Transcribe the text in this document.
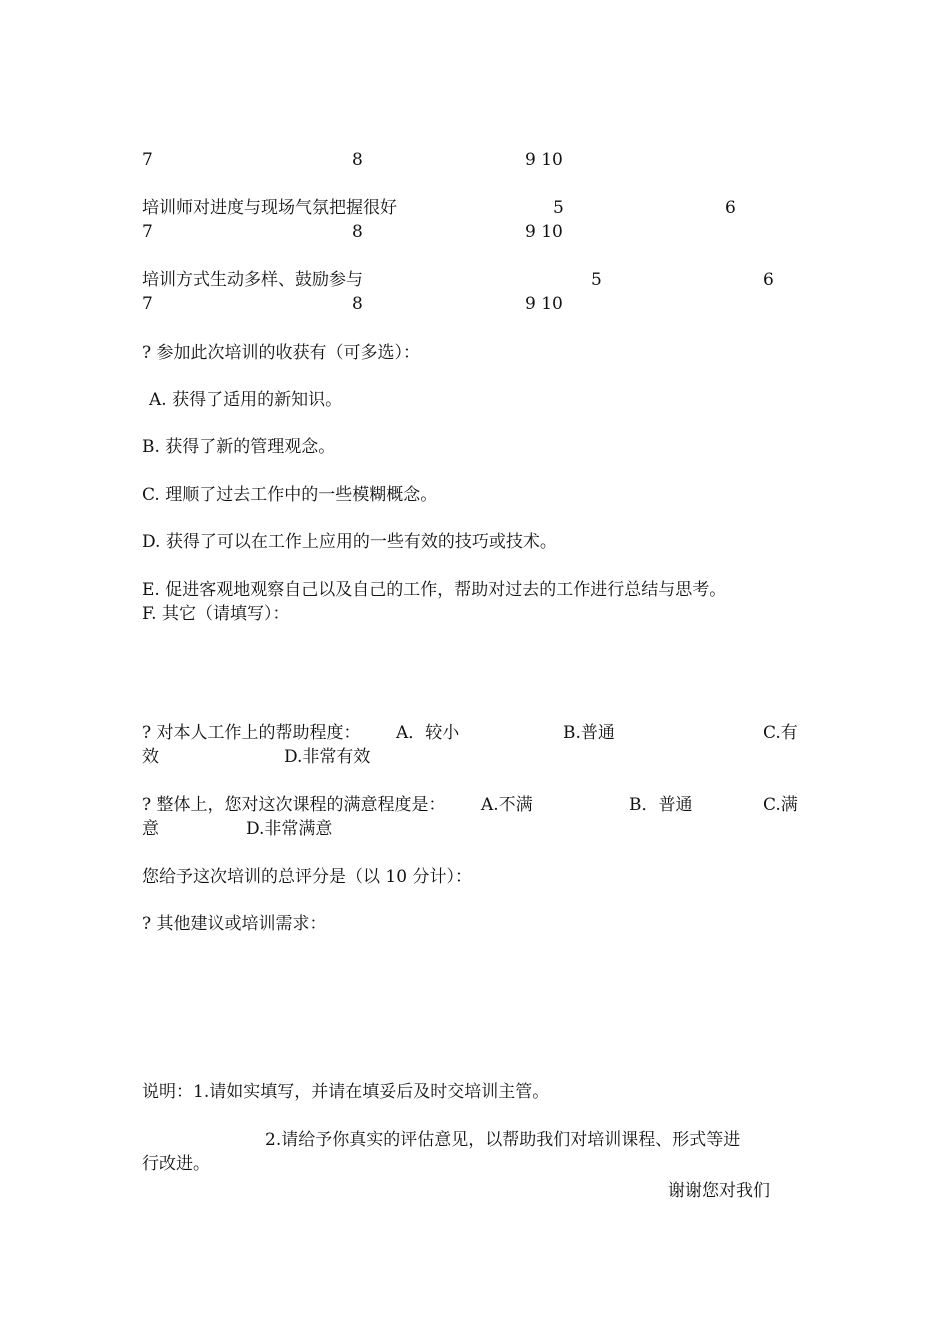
7	8	9 10
培训师对进度与现场气氛把握很好	5	6
7	8	9 10
培训方式生动多样、鼓励参与	5	6
7	8	9 10
? 参加此次培训的收获有（可多选）：
A. 获得了适用的新知识。
B. 获得了新的管理观念。
C. 理顺了过去工作中的一些模糊概念。
D. 获得了可以在工作上应用的一些有效的技巧或技术。
E. 促进客观地观察自己以及自己的工作，帮助对过去的工作进行总结与思考。
F. 其它（请填写）：
? 对本人工作上的帮助程度： A．较小	B.普通	C.有
效	D.非常有效
? 整体上，您对这次课程的满意程度是： A.不满	B．普通	C.满
意	D.非常满意
您给予这次培训的总评分是（以 10 分计）：
? 其他建议或培训需求：
说明：1.请如实填写，并请在填妥后及时交培训主管。
2.请给予你真实的评估意见，以帮助我们对培训课程、形式等进
行改进。
谢谢您对我们
